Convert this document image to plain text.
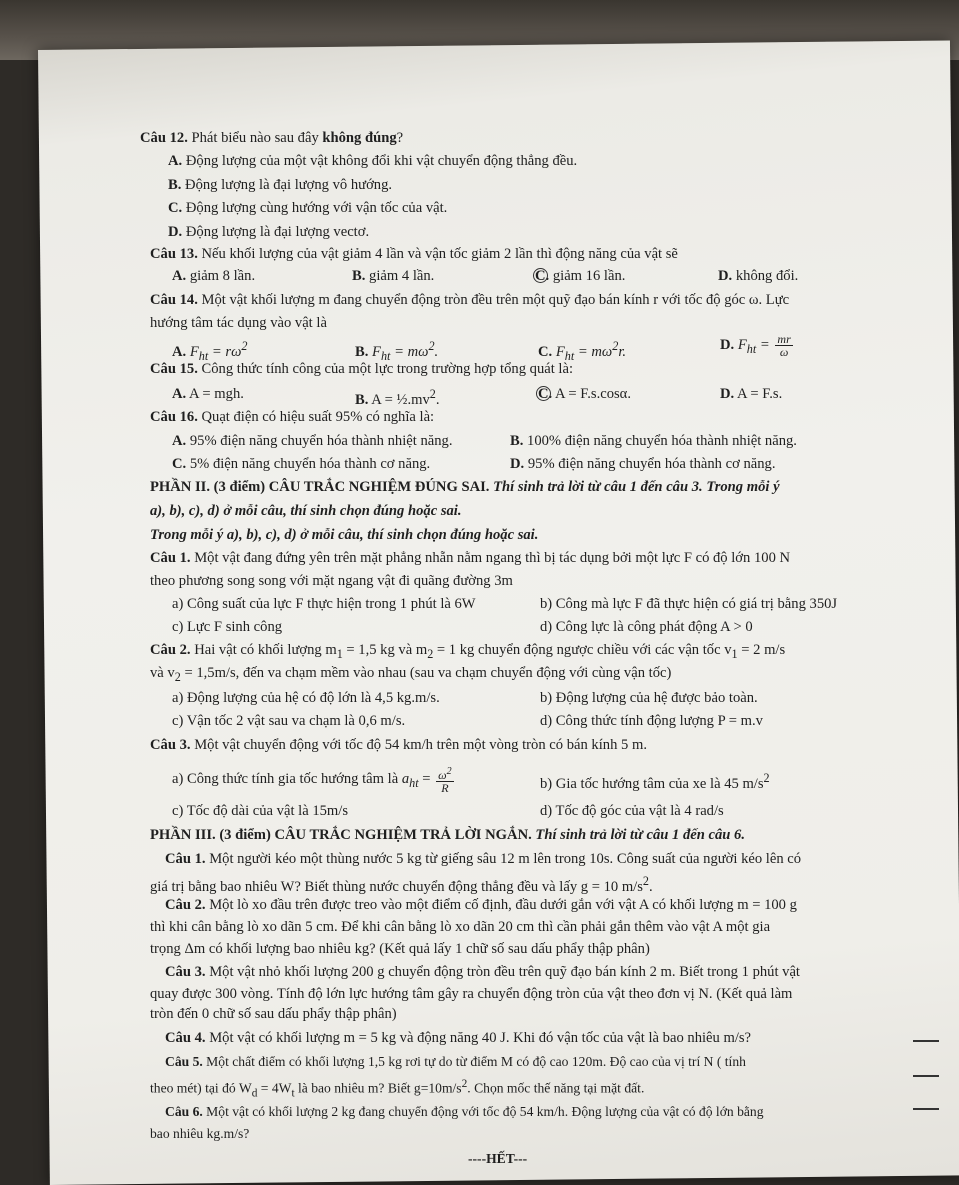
Câu 12. Phát biểu nào sau đây không đúng?
A. Động lượng của một vật không đổi khi vật chuyển động thẳng đều.
B. Động lượng là đại lượng vô hướng.
C. Động lượng cùng hướng với vận tốc của vật.
D. Động lượng là đại lượng vectơ.
Câu 13. Nếu khối lượng của vật giảm 4 lần và vận tốc giảm 2 lần thì động năng của vật sẽ
A. giảm 8 lần.	B. giảm 4 lần.	C. giảm 16 lần.	D. không đổi.
Câu 14. Một vật khối lượng m đang chuyển động tròn đều trên một quỹ đạo bán kính r với tốc độ góc ω. Lực
hướng tâm tác dụng vào vật là
A. $F_{ht} = r\omega^2$	B. $F_{ht} = m\omega^2$.	C. $F_{ht} = m\omega^2r$.	D. $F_{ht} = \frac{mr}{\omega}$
Câu 15. Công thức tính công của một lực trong trường hợp tổng quát là:
A. A = mgh.	B. $A = \frac{1}{2}.mv^2$.	C. A = F.s.cosα.	D. A = F.s.
Câu 16. Quạt điện có hiệu suất 95% có nghĩa là:
A. 95% điện năng chuyển hóa thành nhiệt năng.	B. 100% điện năng chuyển hóa thành nhiệt năng.
C. 5% điện năng chuyển hóa thành cơ năng.	D. 95% điện năng chuyển hóa thành cơ năng.
PHẦN II. (3 điểm) CÂU TRẮC NGHIỆM ĐÚNG SAI. Thí sinh trả lời từ câu 1 đến câu 3. Trong mỗi ý
a), b), c), d) ở mỗi câu, thí sinh chọn đúng hoặc sai.
Trong mỗi ý a), b), c), d) ở mỗi câu, thí sinh chọn đúng hoặc sai.
Câu 1. Một vật đang đứng yên trên mặt phẳng nhẵn nằm ngang thì bị tác dụng bởi một lực F có độ lớn 100 N
theo phương song song với mặt ngang vật đi quãng đường 3m
a) Công suất của lực F thực hiện trong 1 phút là 6W	b) Công mà lực F đã thực hiện có giá trị bằng 350J
c) Lực F sinh công	d) Công lực là công phát động A > 0
Câu 2. Hai vật có khối lượng $m_1 = 1,5$ kg và $m_2 = 1$ kg chuyển động ngược chiều với các vận tốc $v_1 = 2$ m/s
và $v_2 = 1,5m/s$, đến va chạm mềm vào nhau (sau va chạm chuyển động với cùng vận tốc)
a) Động lượng của hệ có độ lớn là 4,5 kg.m/s.	b) Động lượng của hệ được bảo toàn.
c) Vận tốc 2 vật sau va chạm là 0,6 m/s.	d) Công thức tính động lượng P = m.v
Câu 3. Một vật chuyển động với tốc độ 54 km/h trên một vòng tròn có bán kính 5 m.
a) Công thức tính gia tốc hướng tâm là $a_{ht} = \frac{\omega^2}{R}$	b) Gia tốc hướng tâm của xe là 45 $m/s^2$
c) Tốc độ dài của vật là 15m/s	d) Tốc độ góc của vật là 4 rad/s
PHẦN III. (3 điểm) CÂU TRẮC NGHIỆM TRẢ LỜI NGẮN. Thí sinh trả lời từ câu 1 đến câu 6.
Câu 1. Một người kéo một thùng nước 5 kg từ giếng sâu 12 m lên trong 10s. Công suất của người kéo lên có
giá trị bằng bao nhiêu W? Biết thùng nước chuyển động thẳng đều và lấy g = 10 $m/s^2$.
Câu 2. Một lò xo đầu trên được treo vào một điểm cố định, đầu dưới gắn với vật A có khối lượng m = 100 g
thì khi cân bằng lò xo dãn 5 cm. Để khi cân bằng lò xo dãn 20 cm thì cần phải gắn thêm vào vật A một gia
trọng Δm có khối lượng bao nhiêu kg? (Kết quả lấy 1 chữ số sau dấu phẩy thập phân)
Câu 3. Một vật nhỏ khối lượng 200 g chuyển động tròn đều trên quỹ đạo bán kính 2 m. Biết trong 1 phút vật
quay được 300 vòng. Tính độ lớn lực hướng tâm gây ra chuyển động tròn của vật theo đơn vị N. (Kết quả làm
tròn đến 0 chữ số sau dấu phẩy thập phân)
Câu 4. Một vật có khối lượng m = 5 kg và động năng 40 J. Khi đó vận tốc của vật là bao nhiêu m/s?
Câu 5. Một chất điểm có khối lượng 1,5 kg rơi tự do từ điểm M có độ cao 120m. Độ cao của vị trí N ( tính
theo mét) tại đó $W_d = 4W_t$ là bao nhiêu m? Biết $g=10m/s^2$. Chọn mốc thế năng tại mặt đất.
Câu 6. Một vật có khối lượng 2 kg đang chuyển động với tốc độ 54 km/h. Động lượng của vật có độ lớn bằng
bao nhiêu kg.m/s?
----HẾT---
